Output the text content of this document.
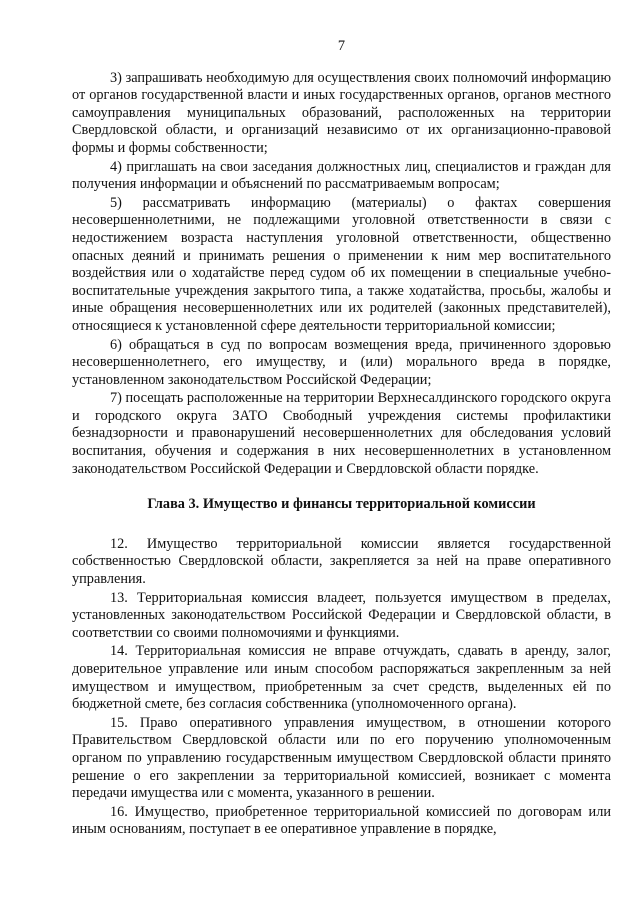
7

3) запрашивать необходимую для осуществления своих полномочий информацию от органов государственной власти и иных государственных органов, органов местного самоуправления муниципальных образований, расположенных на территории Свердловской области, и организаций независимо от их организационно-правовой формы и формы собственности;

4) приглашать на свои заседания должностных лиц, специалистов и граждан для получения информации и объяснений по рассматриваемым вопросам;

5) рассматривать информацию (материалы) о фактах совершения несовершеннолетними, не подлежащими уголовной ответственности в связи с недостижением возраста наступления уголовной ответственности, общественно опасных деяний и принимать решения о применении к ним мер воспитательного воздействия или о ходатайстве перед судом об их помещении в специальные учебно-воспитательные учреждения закрытого типа, а также ходатайства, просьбы, жалобы и иные обращения несовершеннолетних или их родителей (законных представителей), относящиеся к установленной сфере деятельности территориальной комиссии;

6) обращаться в суд по вопросам возмещения вреда, причиненного здоровью несовершеннолетнего, его имуществу, и (или) морального вреда в порядке, установленном законодательством Российской Федерации;

7) посещать расположенные на территории Верхнесалдинского городского округа и городского округа ЗАТО Свободный учреждения системы профилактики безнадзорности и правонарушений несовершеннолетних для обследования условий воспитания, обучения и содержания в них несовершеннолетних в установленном законодательством Российской Федерации и Свердловской области порядке.

Глава 3. Имущество и финансы территориальной комиссии

12. Имущество территориальной комиссии является государственной собственностью Свердловской области, закрепляется за ней на праве оперативного управления.

13. Территориальная комиссия владеет, пользуется имуществом в пределах, установленных законодательством Российской Федерации и Свердловской области, в соответствии со своими полномочиями и функциями.

14. Территориальная комиссия не вправе отчуждать, сдавать в аренду, залог, доверительное управление или иным способом распоряжаться закрепленным за ней имуществом и имуществом, приобретенным за счет средств, выделенных ей по бюджетной смете, без согласия собственника (уполномоченного органа).

15. Право оперативного управления имуществом, в отношении которого Правительством Свердловской области или по его поручению уполномоченным органом по управлению государственным имуществом Свердловской области принято решение о его закреплении за территориальной комиссией, возникает с момента передачи имущества или с момента, указанного в решении.

16. Имущество, приобретенное территориальной комиссией по договорам или иным основаниям, поступает в ее оперативное управление в порядке,
